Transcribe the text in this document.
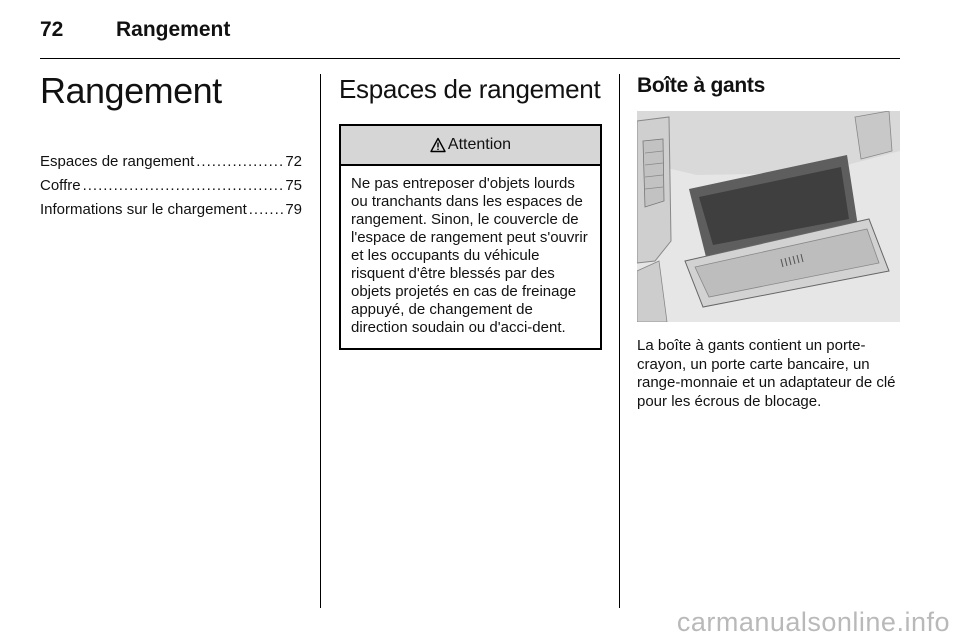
72	Rangement
Rangement
Espaces de rangement .....	72
Coffre .....	75
Informations sur le chargement .....	79
Espaces de rangement
Attention
Ne pas entreposer d'objets lourds ou tranchants dans les espaces de rangement. Sinon, le couvercle de l'espace de rangement peut s'ouvrir et les occupants du véhicule risquent d'être blessés par des objets projetés en cas de freinage appuyé, de changement de direction soudain ou d'acci-dent.
Boîte à gants
La boîte à gants contient un porte-crayon, un porte carte bancaire, un range-monnaie et un adaptateur de clé pour les écrous de blocage.
carmanualsonline.info
